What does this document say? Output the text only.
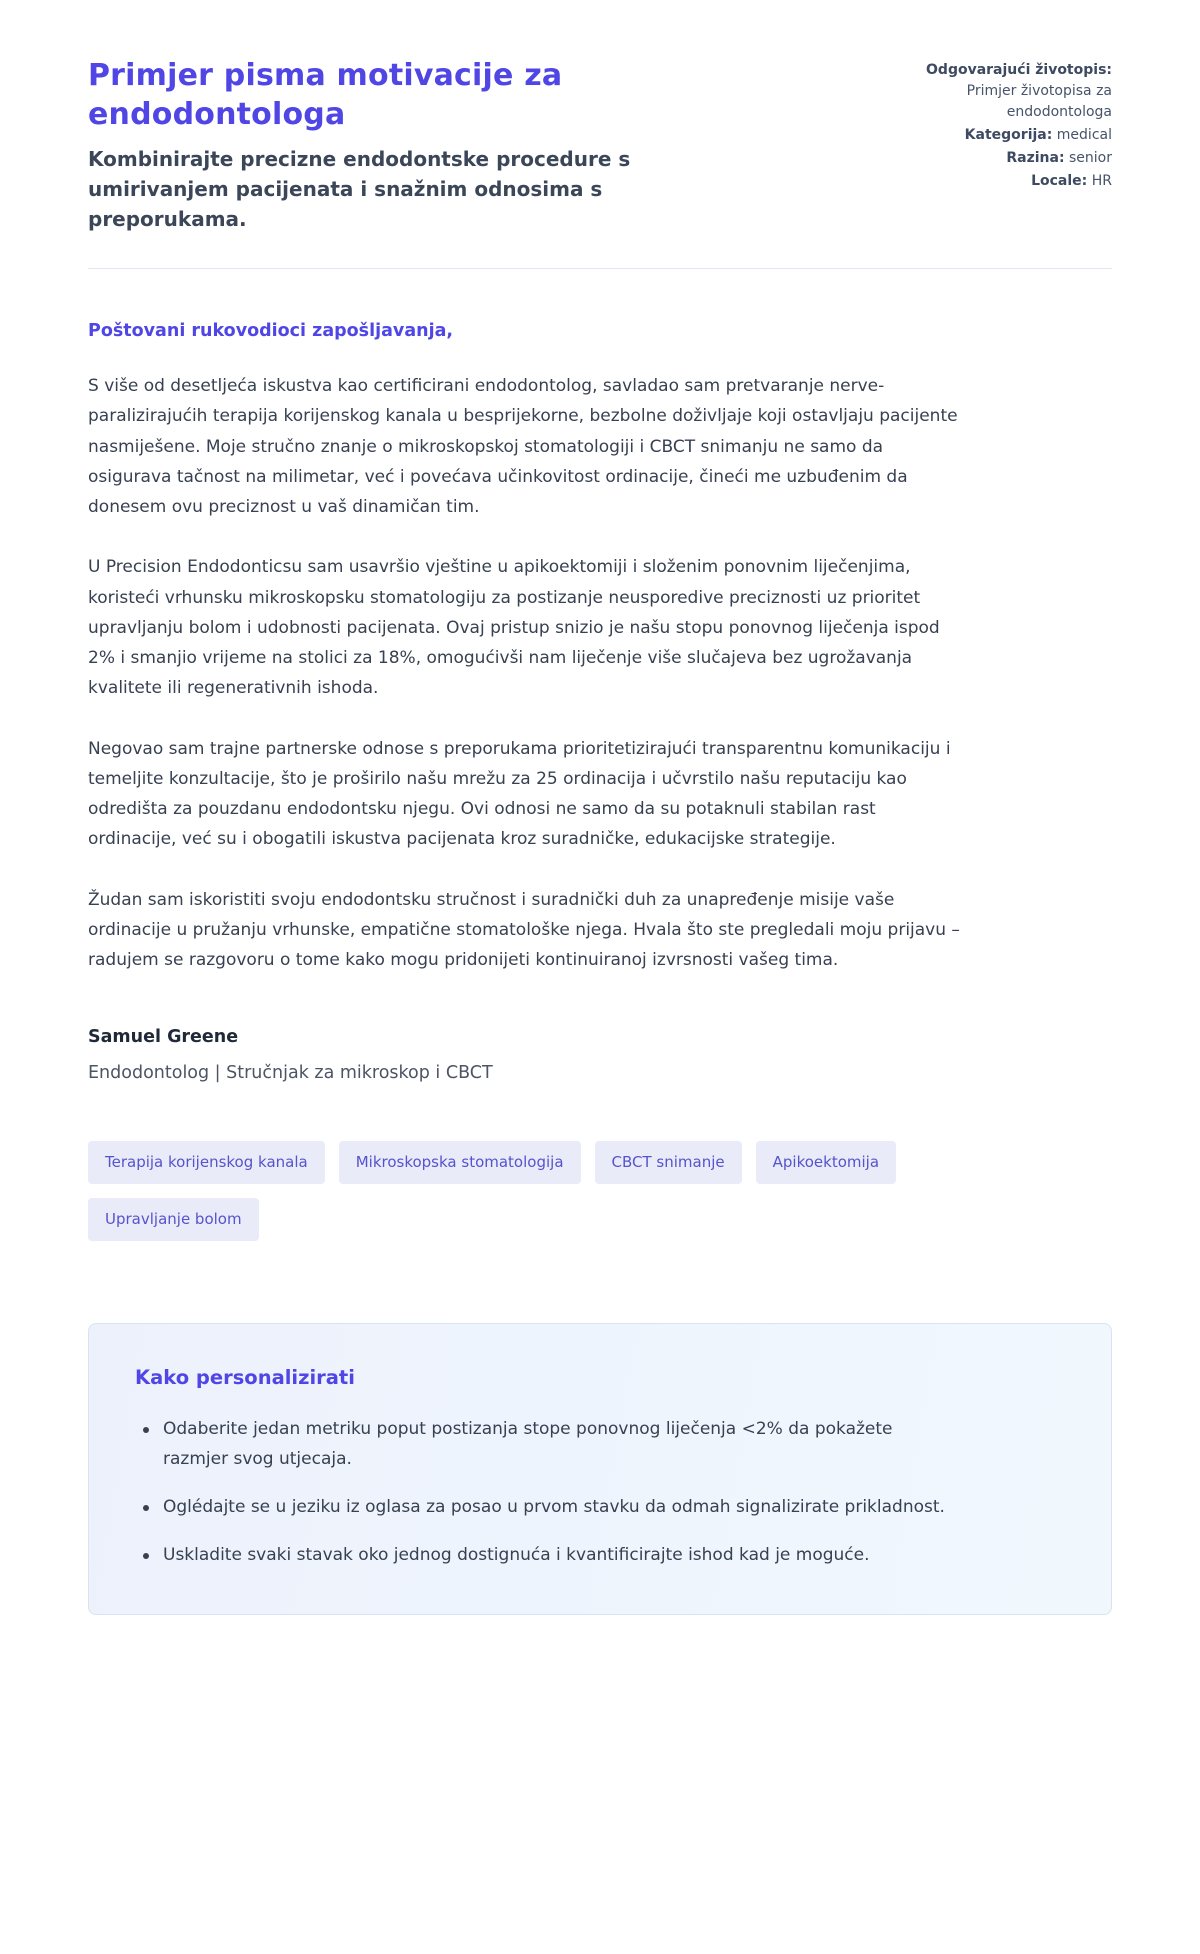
Primjer pisma motivacije za endodontologa
Kombinirajte precizne endodontske procedure s umirivanjem pacijenata i snažnim odnosima s preporukama.
Odgovarajući životopis:
Primjer životopisa za endodontologa
Kategorija: medical
Razina: senior
Locale: HR
Poštovani rukovodioci zapošljavanja,

S više od desetljeća iskustva kao certificirani endodontolog, savladao sam pretvaranje nerve-paralizirajućih terapija korijenskog kanala u besprijekorne, bezbolne doživljaje koji ostavljaju pacijente nasmiješene. Moje stručno znanje o mikroskopskoj stomatologiji i CBCT snimanju ne samo da osigurava tačnost na milimetar, već i povećava učinkovitost ordinacije, čineći me uzbuđenim da donesem ovu preciznost u vaš dinamičan tim.

U Precision Endodonticsu sam usavršio vještine u apikoektomiji i složenim ponovnim liječenjima, koristeći vrhunsku mikroskopsku stomatologiju za postizanje neusporedive preciznosti uz prioritet upravljanju bolom i udobnosti pacijenata. Ovaj pristup snizio je našu stopu ponovnog liječenja ispod 2% i smanjio vrijeme na stolici za 18%, omogućivši nam liječenje više slučajeva bez ugrožavanja kvalitete ili regenerativnih ishoda.

Negovao sam trajne partnerske odnose s preporukama prioritetizirajući transparentnu komunikaciju i temeljite konzultacije, što je proširilo našu mrežu za 25 ordinacija i učvrstilo našu reputaciju kao odredišta za pouzdanu endodontsku njegu. Ovi odnosi ne samo da su potaknuli stabilan rast ordinacije, već su i obogatili iskustva pacijenata kroz suradničke, edukacijske strategije.

Žudan sam iskoristiti svoju endodontsku stručnost i suradnički duh za unapređenje misije vaše ordinacije u pružanju vrhunske, empatične stomatološke njega. Hvala što ste pregledali moju prijavu – radujem se razgovoru o tome kako mogu pridonijeti kontinuiranoj izvrsnosti vašeg tima.

Samuel Greene
Endodontolog | Stručnjak za mikroskop i CBCT
Terapija korijenskog kanala	Mikroskopska stomatologija	CBCT snimanje	Apikoektomija
Upravljanje bolom
Kako personalizirati
Odaberite jedan metriku poput postizanja stope ponovnog liječenja <2% da pokažete razmjer svog utjecaja.
Oglédajte se u jeziku iz oglasa za posao u prvom stavku da odmah signalizirate prikladnost.
Uskladite svaki stavak oko jednog dostignuća i kvantificirajte ishod kad je moguće.
